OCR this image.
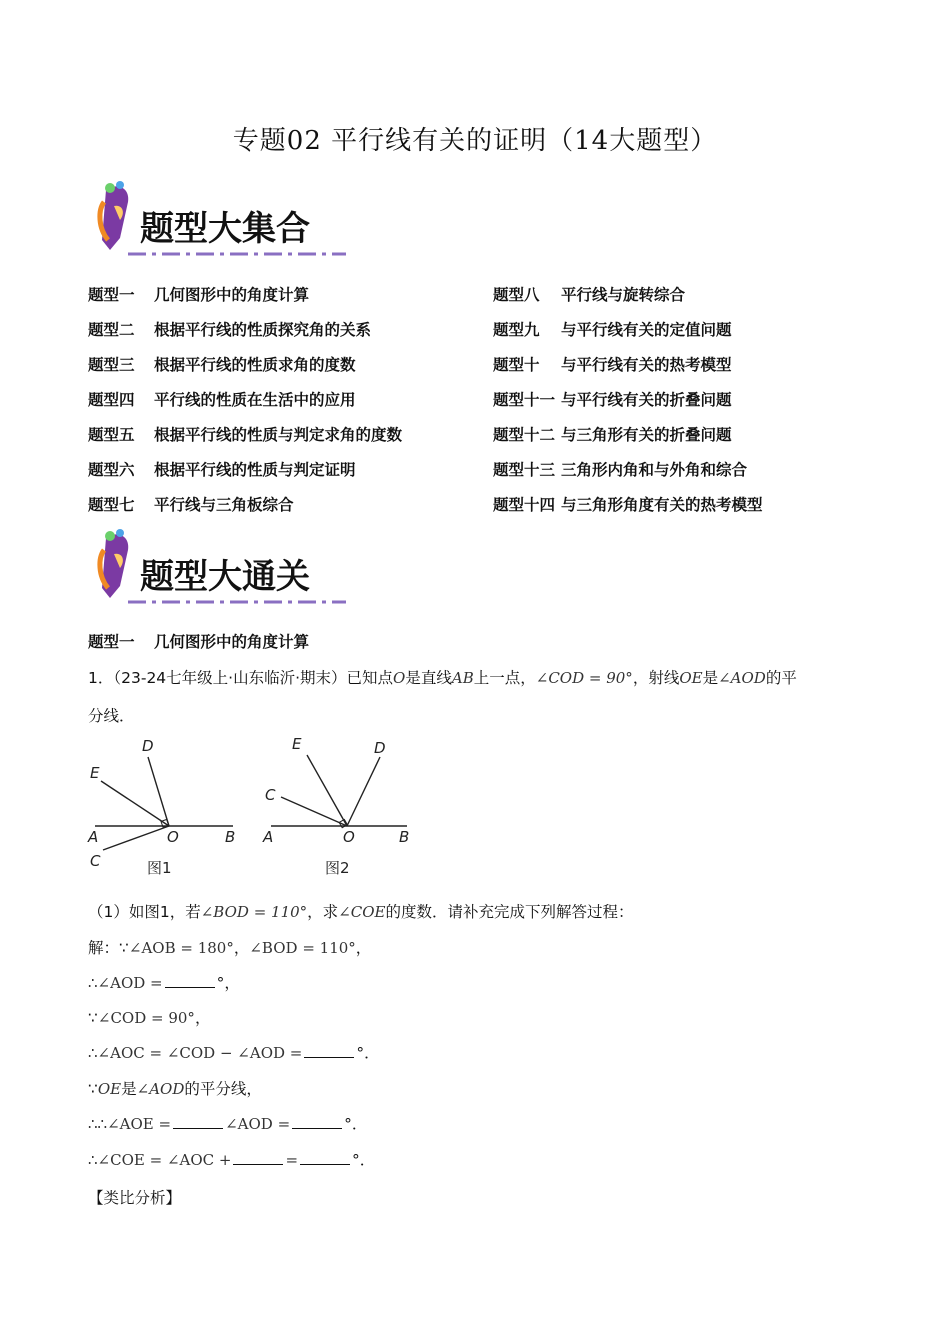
专题02 平行线有关的证明（14大题型）
题型大集合
题型一 几何图形中的角度计算	题型八 平行线与旋转综合
题型二 根据平行线的性质探究角的关系	题型九 与平行线有关的定值问题
题型三 根据平行线的性质求角的度数	题型十 与平行线有关的热考模型
题型四 平行线的性质在生活中的应用	题型十一 与平行线有关的折叠问题
题型五 根据平行线的性质与判定求角的度数	题型十二 与三角形有关的折叠问题
题型六 根据平行线的性质与判定证明	题型十三 三角形内角和与外角和综合
题型七 平行线与三角板综合	题型十四 与三角形角度有关的热考模型
题型大通关
题型一 几何图形中的角度计算
1．（23-24七年级上·山东临沂·期末）已知点O是直线AB上一点，∠COD = 90°，射线OE是∠AOD的平
分线．
D
E
A	O	B
C	图1
E	D
C
A	O	B
图2
（1）如图1，若∠BOD = 110°，求∠COE的度数．请补充完成下列解答过程：
解：∵∠AOB = 180°，∠BOD = 110°，
∴∠AOD =	°，
∵∠COD = 90°，
∴∠AOC = ∠COD − ∠AOD =	°．
∵OE是∠AOD的平分线，
∴∴∠AOE =	∠AOD =	°．
∴∠COE = ∠AOC +	=	°．
【类比分析】
